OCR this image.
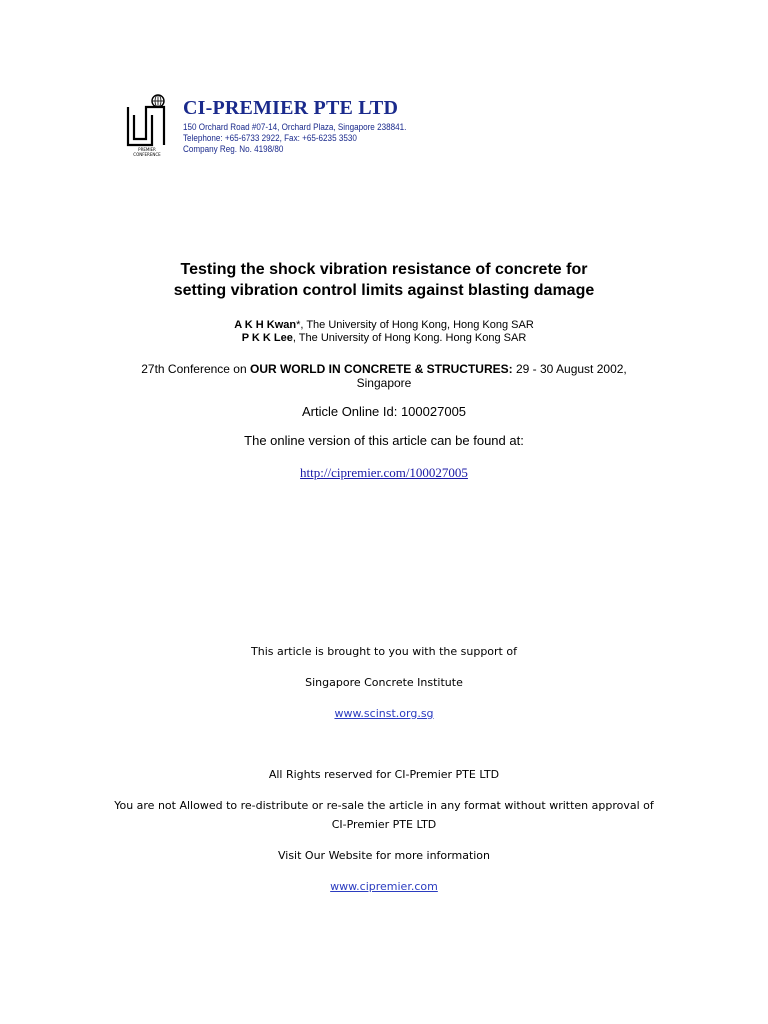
PREMIER
CONFERENCE
CI-PREMIER PTE LTD
150 Orchard Road #07-14, Orchard Plaza, Singapore 238841.
Telephone: +65-6733 2922, Fax: +65-6235 3530
Company Reg. No. 4198/80
Testing the shock vibration resistance of concrete for
setting vibration control limits against blasting damage
A K H Kwan*, The University of Hong Kong, Hong Kong SAR
P K K Lee, The University of Hong Kong. Hong Kong SAR
27th Conference on OUR WORLD IN CONCRETE & STRUCTURES: 29 - 30 August 2002,
Singapore
Article Online Id: 100027005
The online version of this article can be found at:
http://cipremier.com/100027005
This article is brought to you with the support of
Singapore Concrete Institute
www.scinst.org.sg
All Rights reserved for CI-Premier PTE LTD
You are not Allowed to re-distribute or re-sale the article in any format without written approval of
CI-Premier PTE LTD
Visit Our Website for more information
www.cipremier.com
